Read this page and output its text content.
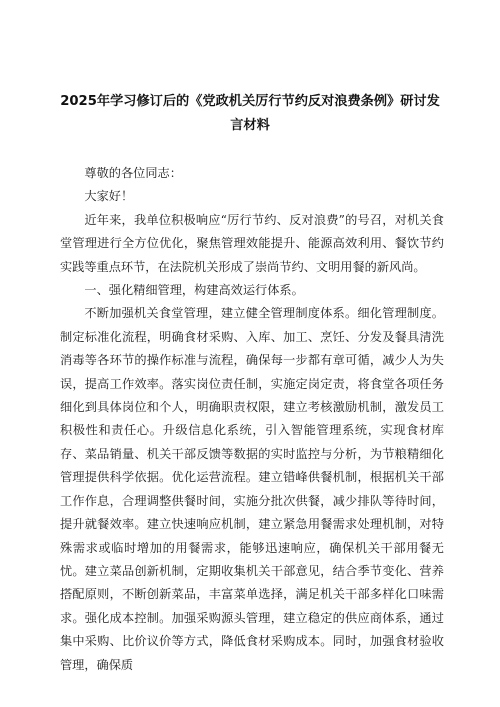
2025年学习修订后的《党政机关厉行节约反对浪费条例》研讨发言材料

尊敬的各位同志：

大家好！

近年来，我单位积极响应“厉行节约、反对浪费”的号召，对机关食堂管理进行全方位优化，聚焦管理效能提升、能源高效利用、餐饮节约实践等重点环节，在法院机关形成了崇尚节约、文明用餐的新风尚。

一、强化精细管理，构建高效运行体系。

不断加强机关食堂管理，建立健全管理制度体系。细化管理制度。制定标准化流程，明确食材采购、入库、加工、烹饪、分发及餐具清洗消毒等各环节的操作标准与流程，确保每一步都有章可循，减少人为失误，提高工作效率。落实岗位责任制，实施定岗定责，将食堂各项任务细化到具体岗位和个人，明确职责权限，建立考核激励机制，激发员工积极性和责任心。升级信息化系统，引入智能管理系统，实现食材库存、菜品销量、机关干部反馈等数据的实时监控与分析，为节粮精细化管理提供科学依据。优化运营流程。建立错峰供餐机制，根据机关干部工作作息，合理调整供餐时间，实施分批次供餐，减少排队等待时间，提升就餐效率。建立快速响应机制，建立紧急用餐需求处理机制，对特殊需求或临时增加的用餐需求，能够迅速响应，确保机关干部用餐无忧。建立菜品创新机制，定期收集机关干部意见，结合季节变化、营养搭配原则，不断创新菜品，丰富菜单选择，满足机关干部多样化口味需求。强化成本控制。加强采购源头管理，建立稳定的供应商体系，通过集中采购、比价议价等方式，降低食材采购成本。同时，加强食材验收管理，确保质
